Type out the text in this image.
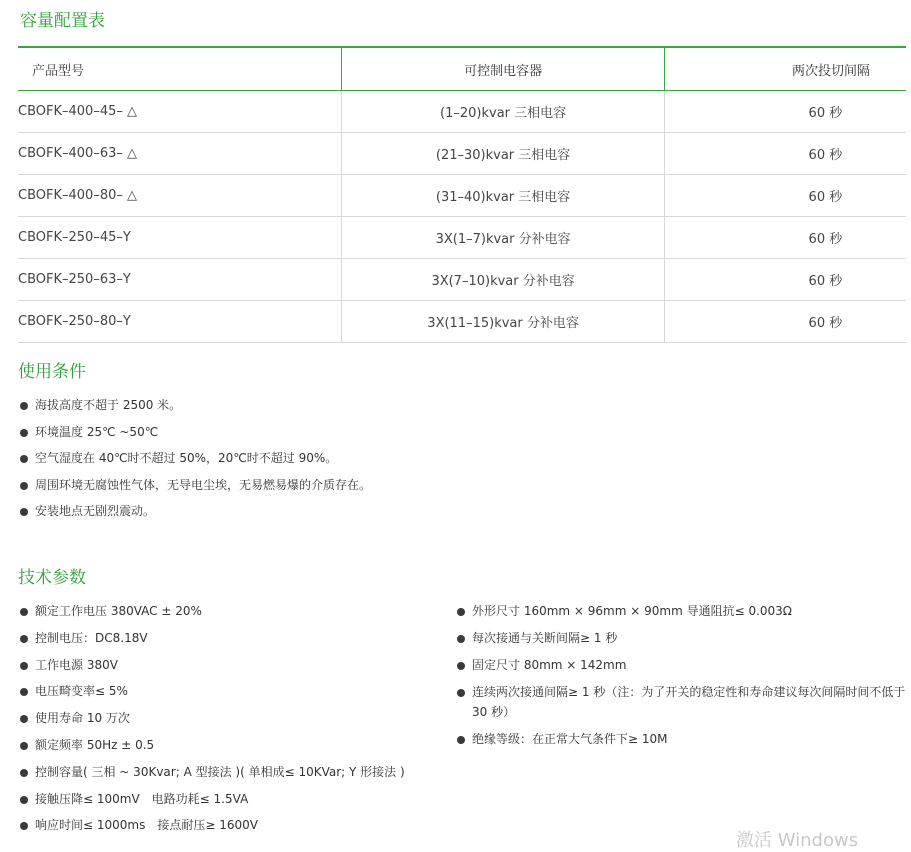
容量配置表
产品型号	可控制电容器	两次投切间隔
CBOFK–400–45– △	(1–20)kvar 三相电容	60 秒
CBOFK–400–63– △	(21–30)kvar 三相电容	60 秒
CBOFK–400–80– △	(31–40)kvar 三相电容	60 秒
CBOFK–250–45–Y	3X(1–7)kvar 分补电容	60 秒
CBOFK–250–63–Y	3X(7–10)kvar 分补电容	60 秒
CBOFK–250–80–Y	3X(11–15)kvar 分补电容	60 秒
使用条件
海拔高度不超于 2500 米。
环境温度 25℃ ~50℃
空气湿度在 40℃时不超过 50%，20℃时不超过 90%。
周围环境无腐蚀性气体，无导电尘埃，无易燃易爆的介质存在。
安装地点无剧烈震动。
技术参数
额定工作电压 380VAC ± 20%
控制电压：DC8.18V
工作电源 380V
电压畸变率≤ 5%
使用寿命 10 万次
额定频率 50Hz ± 0.5
控制容量( 三相 ~ 30Kvar; A 型接法 )( 单相成≤ 10KVar; Y 形接法 )
接触压降≤ 100mV　电路功耗≤ 1.5VA
响应时间≤ 1000ms　接点耐压≥ 1600V
外形尺寸 160mm × 96mm × 90mm 导通阻抗≤ 0.003Ω
每次接通与关断间隔≥ 1 秒
固定尺寸 80mm × 142mm
连续两次接通间隔≥ 1 秒（注：为了开关的稳定性和寿命建议每次间隔时间不低于 30 秒）
绝缘等级：在正常大气条件下≥ 10M
激活 Windows
